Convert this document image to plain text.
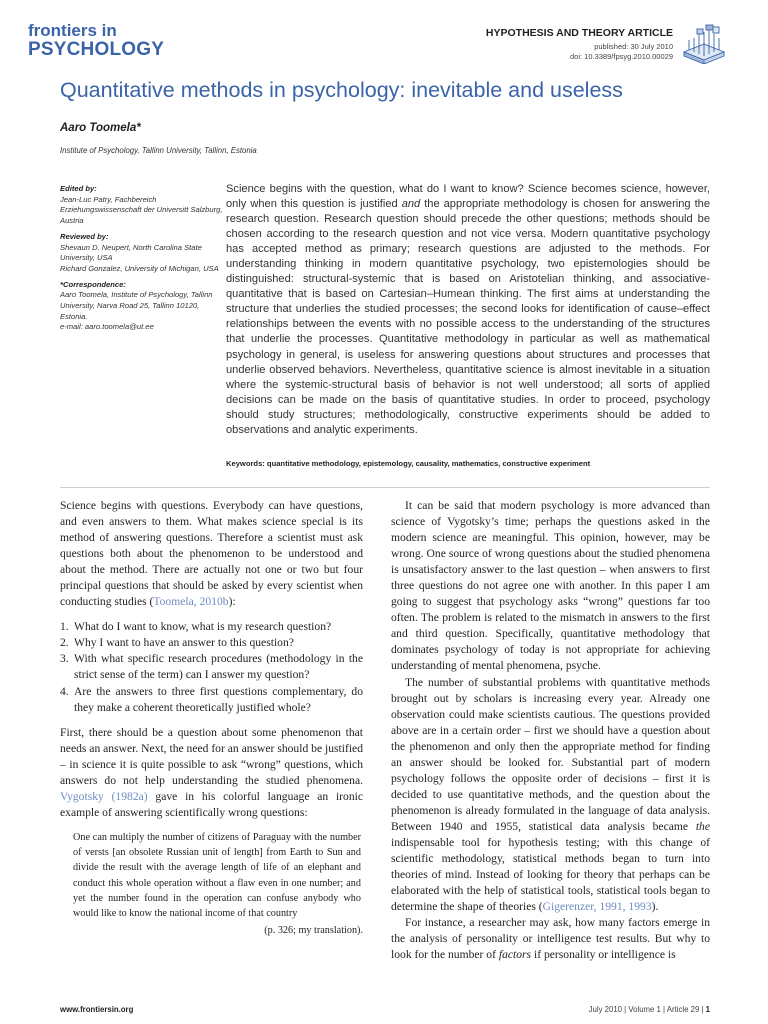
frontiers in
PSYCHOLOGY
HYPOTHESIS AND THEORY ARTICLE
published: 30 July 2010
doi: 10.3389/fpsyg.2010.00029
Quantitative methods in psychology: inevitable and useless
Aaro Toomela*
Institute of Psychology, Tallinn University, Tallinn, Estonia
Edited by:
Jean-Luc Patry, Fachbereich Erziehungswissenschaft der Universitt Salzburg, Austria
Reviewed by:
Shevaun D. Neupert, North Carolina State University, USA
Richard Gonzalez, University of Michigan, USA
*Correspondence:
Aaro Toomela, Institute of Psychology, Tallinn University, Narva Road 25, Tallinn 10120, Estonia.
e-mail: aaro.toomela@ut.ee
Science begins with the question, what do I want to know? Science becomes science, however, only when this question is justified and the appropriate methodology is chosen for answering the research question. Research question should precede the other questions; methods should be chosen according to the research question and not vice versa. Modern quantitative psychology has accepted method as primary; research questions are adjusted to the methods. For understanding thinking in modern quantitative psychology, two epistemologies should be distinguished: structural-systemic that is based on Aristotelian thinking, and associative-quantitative that is based on Cartesian–Humean thinking. The first aims at understanding the structure that underlies the studied processes; the second looks for identification of cause–effect relationships between the events with no possible access to the understanding of the structures that underlie the processes. Quantitative methodology in particular as well as mathematical psychology in general, is useless for answering questions about structures and processes that underlie observed behaviors. Nevertheless, quantitative science is almost inevitable in a situation where the systemic-structural basis of behavior is not well understood; all sorts of applied decisions can be made on the basis of quantitative studies. In order to proceed, psychology should study structures; methodologically, constructive experiments should be added to observations and analytic experiments.
Keywords: quantitative methodology, epistemology, causality, mathematics, constructive experiment

Science begins with questions. Everybody can have questions, and even answers to them. What makes science special is its method of answering questions. Therefore a scientist must ask questions both about the phenomenon to be understood and about the method. There are actually not one or two but four principal questions that should be asked by every scientist when conducting studies (Toomela, 2010b):

1. What do I want to know, what is my research question?
2. Why I want to have an answer to this question?
3. With what specific research procedures (methodology in the strict sense of the term) can I answer my question?
4. Are the answers to three first questions complementary, do they make a coherent theoretically justified whole?

First, there should be a question about some phenomenon that needs an answer. Next, the need for an answer should be justified – in science it is quite possible to ask “wrong” questions, which answers do not help understanding the studied phenomena. Vygotsky (1982a) gave in his colorful language an ironic example of answering scientifically wrong questions:

One can multiply the number of citizens of Paraguay with the number of versts [an obsolete Russian unit of length] from Earth to Sun and divide the result with the average length of life of an elephant and conduct this whole operation without a flaw even in one number; and yet the number found in the operation can confuse anybody who would like to know the national income of that country
(p. 326; my translation).

It can be said that modern psychology is more advanced than science of Vygotsky’s time; perhaps the questions asked in the modern science are meaningful. This opinion, however, may be wrong. One source of wrong questions about the studied phenomena is unsatisfactory answer to the last question – when answers to first three questions do not agree one with another. In this paper I am going to suggest that psychology asks “wrong” questions far too often. The problem is related to the mismatch in answers to the first and third question. Specifically, quantitative methodology that dominates psychology of today is not appropriate for achieving understanding of mental phenomena, psyche.

The number of substantial problems with quantitative methods brought out by scholars is increasing every year. Already one observation could make scientists cautious. The questions provided above are in a certain order – first we should have a question about the phenomenon and only then the appropriate method for finding an answer should be looked for. Substantial part of modern psychology follows the opposite order of decisions – first it is decided to use quantitative methods, and the question about the phenomenon is already formulated in the language of data analysis. Between 1940 and 1955, statistical data analysis became the indispensable tool for hypothesis testing; with this change of scientific methodology, statistical methods began to turn into theories of mind. Instead of looking for theory that perhaps can be elaborated with the help of statistical tools, statistical tools began to determine the shape of theories (Gigerenzer, 1991, 1993).

For instance, a researcher may ask, how many factors emerge in the analysis of personality or intelligence test results. But why to look for the number of factors if personality or intelligence is

www.frontiersin.org	July 2010 | Volume 1 | Article 29 | 1
